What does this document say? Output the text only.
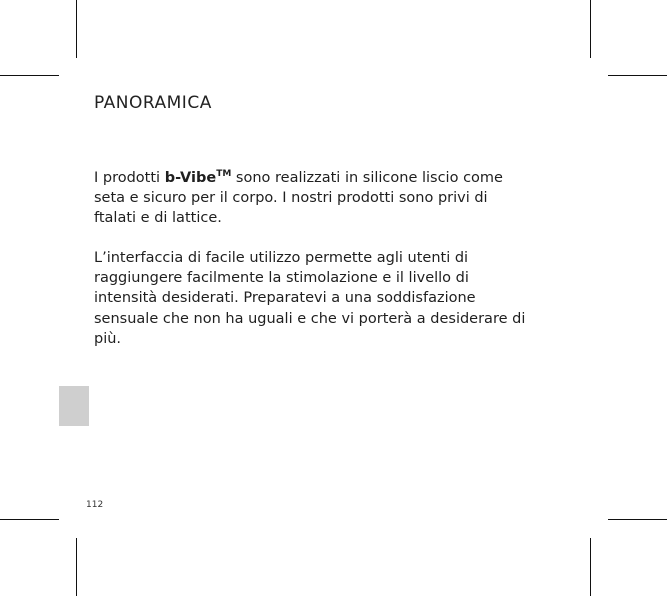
PANORAMICA

I prodotti b-Vibe™ sono realizzati in silicone liscio come seta e sicuro per il corpo. I nostri prodotti sono privi di ftalati e di lattice.

L’interfaccia di facile utilizzo permette agli utenti di raggiungere facilmente la stimolazione e il livello di intensità desiderati. Preparatevi a una soddisfazione sensuale che non ha uguali e che vi porterà a desiderare di più.

112
